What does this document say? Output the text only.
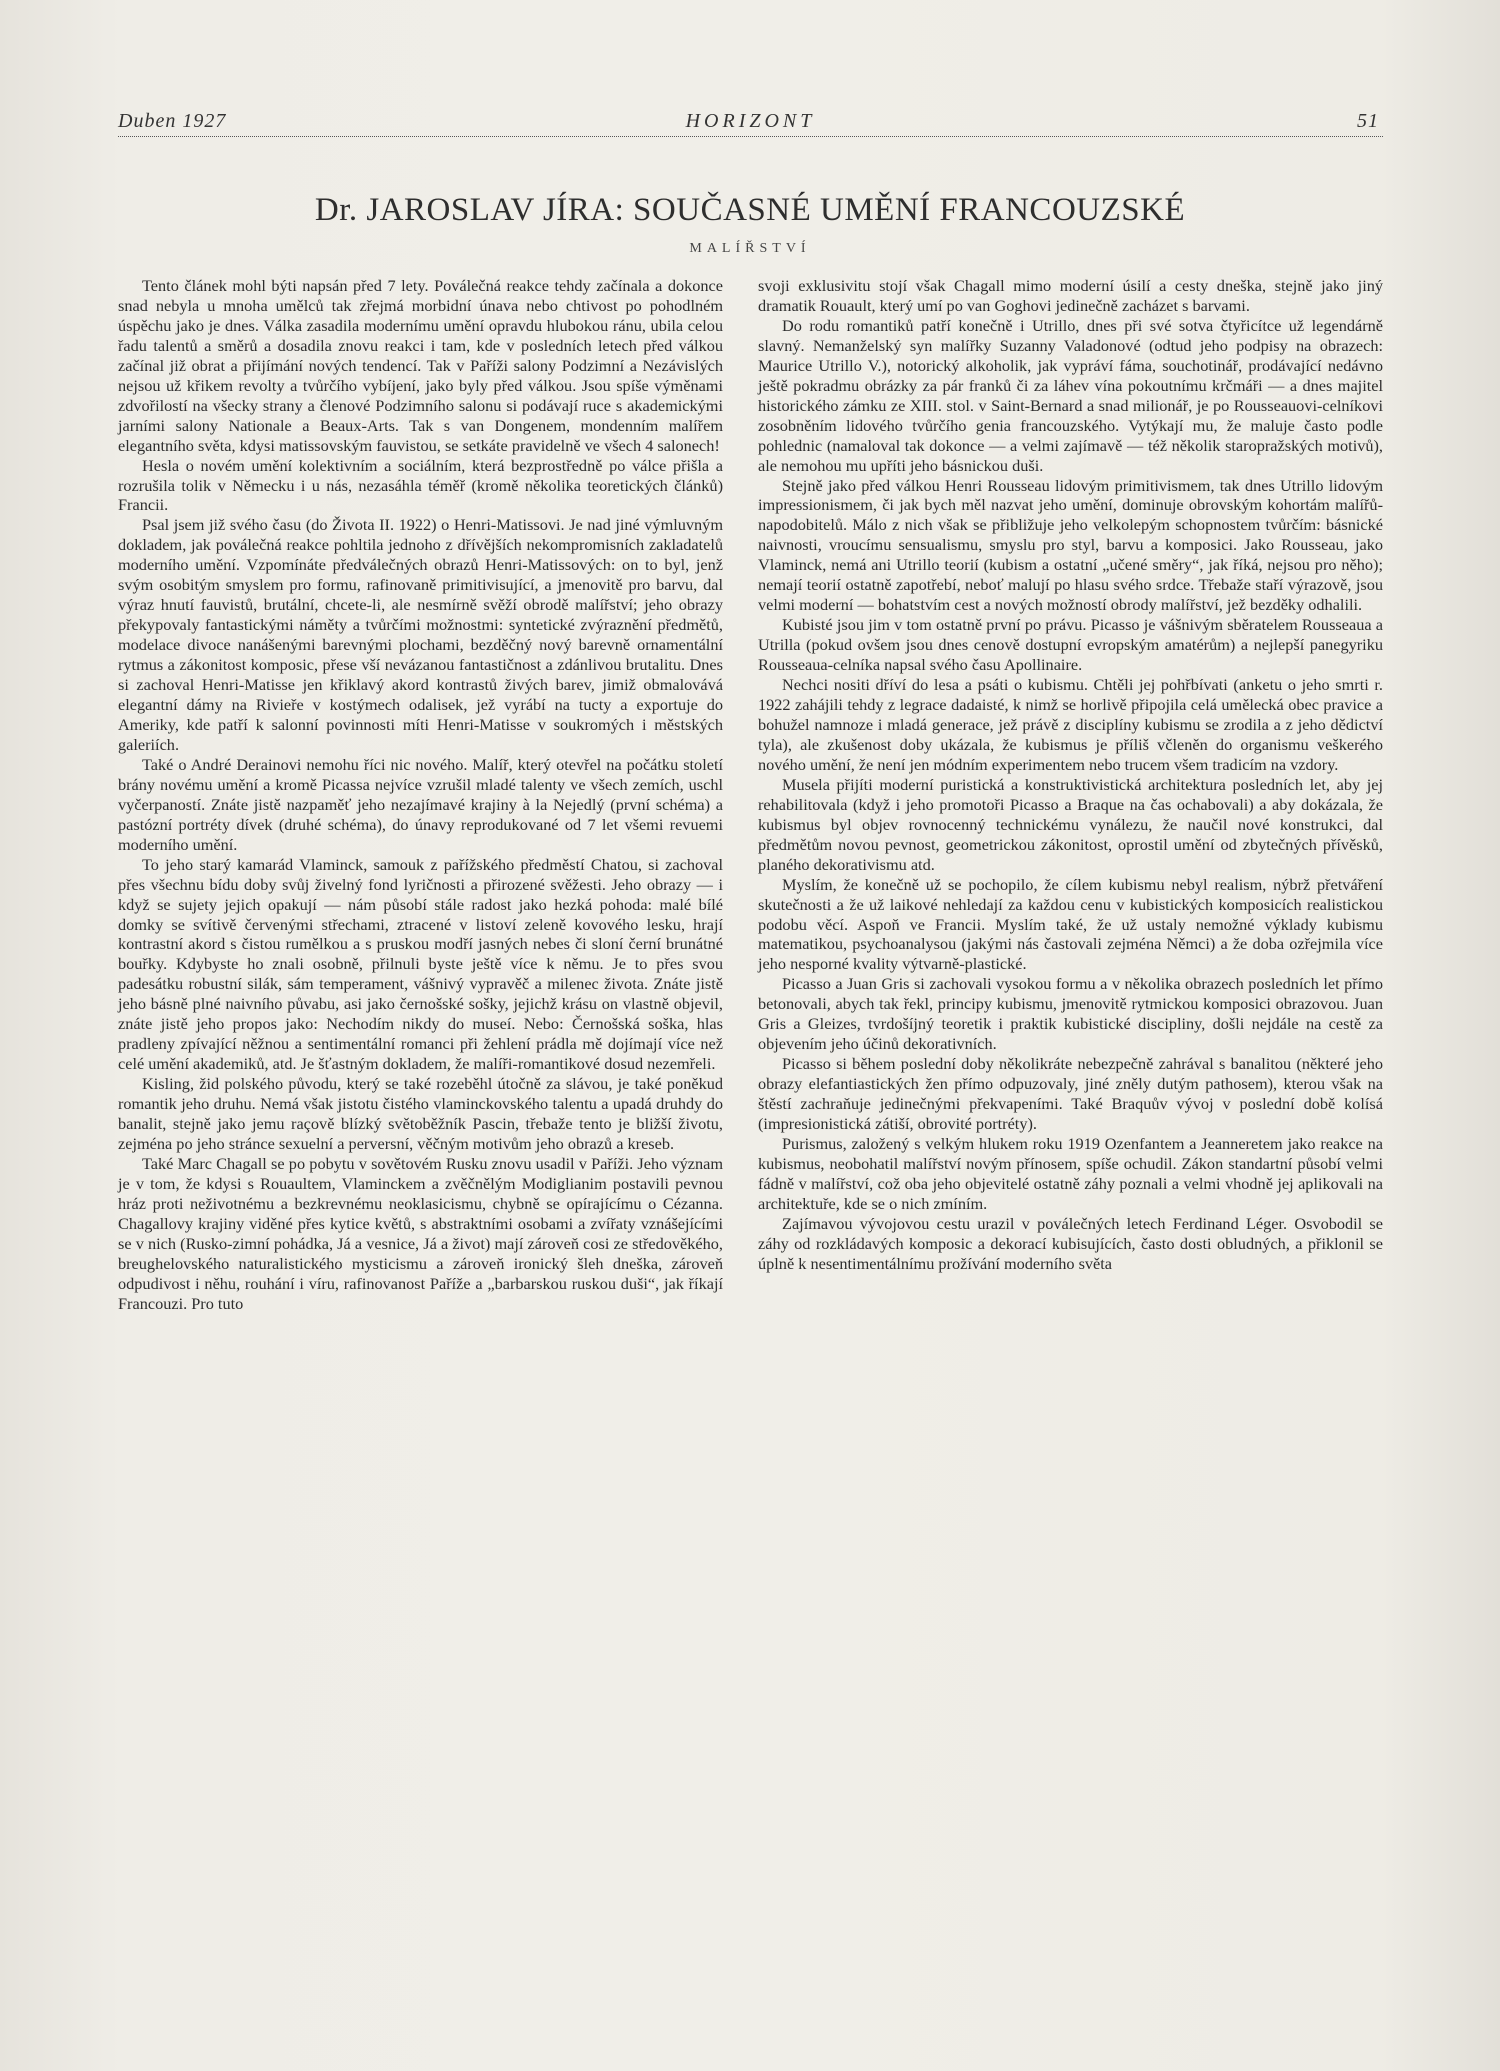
Duben 1927	HORIZONT	51
Dr. JAROSLAV JÍRA: SOUČASNÉ UMĚNÍ FRANCOUZSKÉ
MALÍŘSTVÍ

Tento článek mohl býti napsán před 7 lety. Poválečná reakce tehdy začínala a dokonce snad nebyla u mnoha umělců tak zřejmá morbidní únava nebo chtivost po pohodlném úspěchu jako je dnes. Válka zasadila modernímu umění opravdu hlubokou ránu, ubila celou řadu talentů a směrů a dosadila znovu reakci i tam, kde v posledních letech před válkou začínal již obrat a přijímání nových tendencí. Tak v Paříži salony Podzimní a Nezávislých nejsou už křikem revolty a tvůrčího vybíjení, jako byly před válkou. Jsou spíše výměnami zdvořilostí na všecky strany a členové Podzimního salonu si podávají ruce s akademickými jarními salony Nationale a Beaux-Arts. Tak s van Dongenem, mondenním malířem elegantního světa, kdysi matissovským fauvistou, se setkáte pravidelně ve všech 4 salonech!

Hesla o novém umění kolektivním a sociálním, která bezprostředně po válce přišla a rozrušila tolik v Německu i u nás, nezasáhla téměř (kromě několika teoretických článků) Francii.

Psal jsem již svého času (do Života II. 1922) o Henri-Matissovi. Je nad jiné výmluvným dokladem, jak poválečná reakce pohltila jednoho z dřívějších nekompromisních zakladatelů moderního umění. Vzpomínáte předválečných obrazů Henri-Matissových: on to byl, jenž svým osobitým smyslem pro formu, rafinovaně primitivisující, a jmenovitě pro barvu, dal výraz hnutí fauvistů, brutální, chcete-li, ale nesmírně svěží obrodě malířství; jeho obrazy překypovaly fantastickými náměty a tvůrčími možnostmi: syntetické zvýraznění předmětů, modelace divoce nanášenými barevnými plochami, bezděčný nový barevně ornamentální rytmus a zákonitost komposic, přese vší nevázanou fantastičnost a zdánlivou brutalitu. Dnes si zachoval Henri-Matisse jen křiklavý akord kontrastů živých barev, jimiž obmalovává elegantní dámy na Rivieře v kostýmech odalisek, jež vyrábí na tucty a exportuje do Ameriky, kde patří k salonní povinnosti míti Henri-Matisse v soukromých i městských galeriích.

Také o André Derainovi nemohu říci nic nového. Malíř, který otevřel na počátku století brány novému umění a kromě Picassa nejvíce vzrušil mladé talenty ve všech zemích, uschl vyčerpaností. Znáte jistě nazpaměť jeho nezajímavé krajiny à la Nejedlý (první schéma) a pastózní portréty dívek (druhé schéma), do únavy reprodukované od 7 let všemi revuemi moderního umění.

To jeho starý kamarád Vlaminck, samouk z pařížského předměstí Chatou, si zachoval přes všechnu bídu doby svůj živelný fond lyričnosti a přirozené svěžesti. Jeho obrazy — i když se sujety jejich opakují — nám působí stále radost jako hezká pohoda: malé bílé domky se svítivě červenými střechami, ztracené v listoví zeleně kovového lesku, hrají kontrastní akord s čistou rumělkou a s pruskou modří jasných nebes či sloní černí brunátné bouřky. Kdybyste ho znali osobně, přilnuli byste ještě více k němu. Je to přes svou padesátku robustní silák, sám temperament, vášnivý vypravěč a milenec života. Znáte jistě jeho básně plné naivního půvabu, asi jako černošské sošky, jejichž krásu on vlastně objevil, znáte jistě jeho propos jako: Nechodím nikdy do museí. Nebo: Černošská soška, hlas pradleny zpívající něžnou a sentimentální romanci při žehlení prádla mě dojímají více než celé umění akademiků, atd. Je šťastným dokladem, že malíři-romantikové dosud nezemřeli.

Kisling, žid polského původu, který se také rozeběhl útočně za slávou, je také poněkud romantik jeho druhu. Nemá však jistotu čistého vlaminckovského talentu a upadá druhdy do banalit, stejně jako jemu raçově blízký světoběžník Pascin, třebaže tento je bližší životu, zejména po jeho stránce sexuelní a perversní, věčným motivům jeho obrazů a kreseb.

Také Marc Chagall se po pobytu v sovětovém Rusku znovu usadil v Paříži. Jeho význam je v tom, že kdysi s Rouaultem, Vlaminckem a zvěčnělým Modiglianim postavili pevnou hráz proti neživotnému a bezkrevnému neoklasicismu, chybně se opírajícímu o Cézanna. Chagallovy krajiny viděné přes kytice květů, s abstraktními osobami a zvířaty vznášejícími se v nich (Rusko-zimní pohádka, Já a vesnice, Já a život) mají zároveň cosi ze středověkého, breughelovského naturalistického mysticismu a zároveň ironický šleh dneška, zároveň odpudivost i něhu, rouhání i víru, rafinovanost Paříže a „barbarskou ruskou duši“, jak říkají Francouzi. Pro tuto

svoji exklusivitu stojí však Chagall mimo moderní úsilí a cesty dneška, stejně jako jiný dramatik Rouault, který umí po van Goghovi jedinečně zacházet s barvami.

Do rodu romantiků patří konečně i Utrillo, dnes při své sotva čtyřicítce už legendárně slavný. Nemanželský syn malířky Suzanny Valadonové (odtud jeho podpisy na obrazech: Maurice Utrillo V.), notorický alkoholik, jak vypráví fáma, souchotinář, prodávající nedávno ještě pokradmu obrázky za pár franků či za láhev vína pokoutnímu krčmáři — a dnes majitel historického zámku ze XIII. stol. v Saint-Bernard a snad milionář, je po Rousseauovi-celníkovi zosobněním lidového tvůrčího genia francouzského. Vytýkají mu, že maluje často podle pohlednic (namaloval tak dokonce — a velmi zajímavě — též několik staropražských motivů), ale nemohou mu upříti jeho básnickou duši.

Stejně jako před válkou Henri Rousseau lidovým primitivismem, tak dnes Utrillo lidovým impressionismem, či jak bych měl nazvat jeho umění, dominuje obrovským kohortám malířů-napodobitelů. Málo z nich však se přibližuje jeho velkolepým schopnostem tvůrčím: básnické naivnosti, vroucímu sensualismu, smyslu pro styl, barvu a komposici. Jako Rousseau, jako Vlaminck, nemá ani Utrillo teorií (kubism a ostatní „učené směry“, jak říká, nejsou pro něho); nemají teorií ostatně zapotřebí, neboť malují po hlasu svého srdce. Třebaže staří výrazově, jsou velmi moderní — bohatstvím cest a nových možností obrody malířství, jež bezděky odhalili.

Kubisté jsou jim v tom ostatně první po právu. Picasso je vášnivým sběratelem Rousseaua a Utrilla (pokud ovšem jsou dnes cenově dostupní evropským amatérům) a nejlepší panegyriku Rousseaua-celníka napsal svého času Apollinaire.

Nechci nositi dříví do lesa a psáti o kubismu. Chtěli jej pohřbívati (anketu o jeho smrti r. 1922 zahájili tehdy z legrace dadaisté, k nimž se horlivě připojila celá umělecká obec pravice a bohužel namnoze i mladá generace, jež právě z disciplíny kubismu se zrodila a z jeho dědictví tyla), ale zkušenost doby ukázala, že kubismus je příliš včleněn do organismu veškerého nového umění, že není jen módním experimentem nebo trucem všem tradicím na vzdory.

Musela přijíti moderní puristická a konstruktivistická architektura posledních let, aby jej rehabilitovala (když i jeho promotoři Picasso a Braque na čas ochabovali) a aby dokázala, že kubismus byl objev rovnocenný technickému vynálezu, že naučil nové konstrukci, dal předmětům novou pevnost, geometrickou zákonitost, oprostil umění od zbytečných přívěsků, planého dekorativismu atd.

Myslím, že konečně už se pochopilo, že cílem kubismu nebyl realism, nýbrž přetváření skutečnosti a že už laikové nehledají za každou cenu v kubistických komposicích realistickou podobu věcí. Aspoň ve Francii. Myslím také, že už ustaly nemožné výklady kubismu matematikou, psychoanalysou (jakými nás častovali zejména Němci) a že doba ozřejmila více jeho nesporné kvality výtvarně-plastické.

Picasso a Juan Gris si zachovali vysokou formu a v několika obrazech posledních let přímo betonovali, abych tak řekl, principy kubismu, jmenovitě rytmickou komposici obrazovou. Juan Gris a Gleizes, tvrdošíjný teoretik i praktik kubistické discipliny, došli nejdále na cestě za objevením jeho účinů dekorativních.

Picasso si během poslední doby několikráte nebezpečně zahrával s banalitou (některé jeho obrazy elefantiastických žen přímo odpuzovaly, jiné zněly dutým pathosem), kterou však na štěstí zachraňuje jedinečnými překvapeními. Také Braquův vývoj v poslední době kolísá (impresionistická zátiší, obrovité portréty).

Purismus, založený s velkým hlukem roku 1919 Ozenfantem a Jeanneretem jako reakce na kubismus, neobohatil malířství novým přínosem, spíše ochudil. Zákon standartní působí velmi fádně v malířství, což oba jeho objevitelé ostatně záhy poznali a velmi vhodně jej aplikovali na architektuře, kde se o nich zmíním.

Zajímavou vývojovou cestu urazil v poválečných letech Ferdinand Léger. Osvobodil se záhy od rozkládavých komposic a dekorací kubisujících, často dosti obludných, a přiklonil se úplně k nesentimentálnímu prožívání moderního světa
